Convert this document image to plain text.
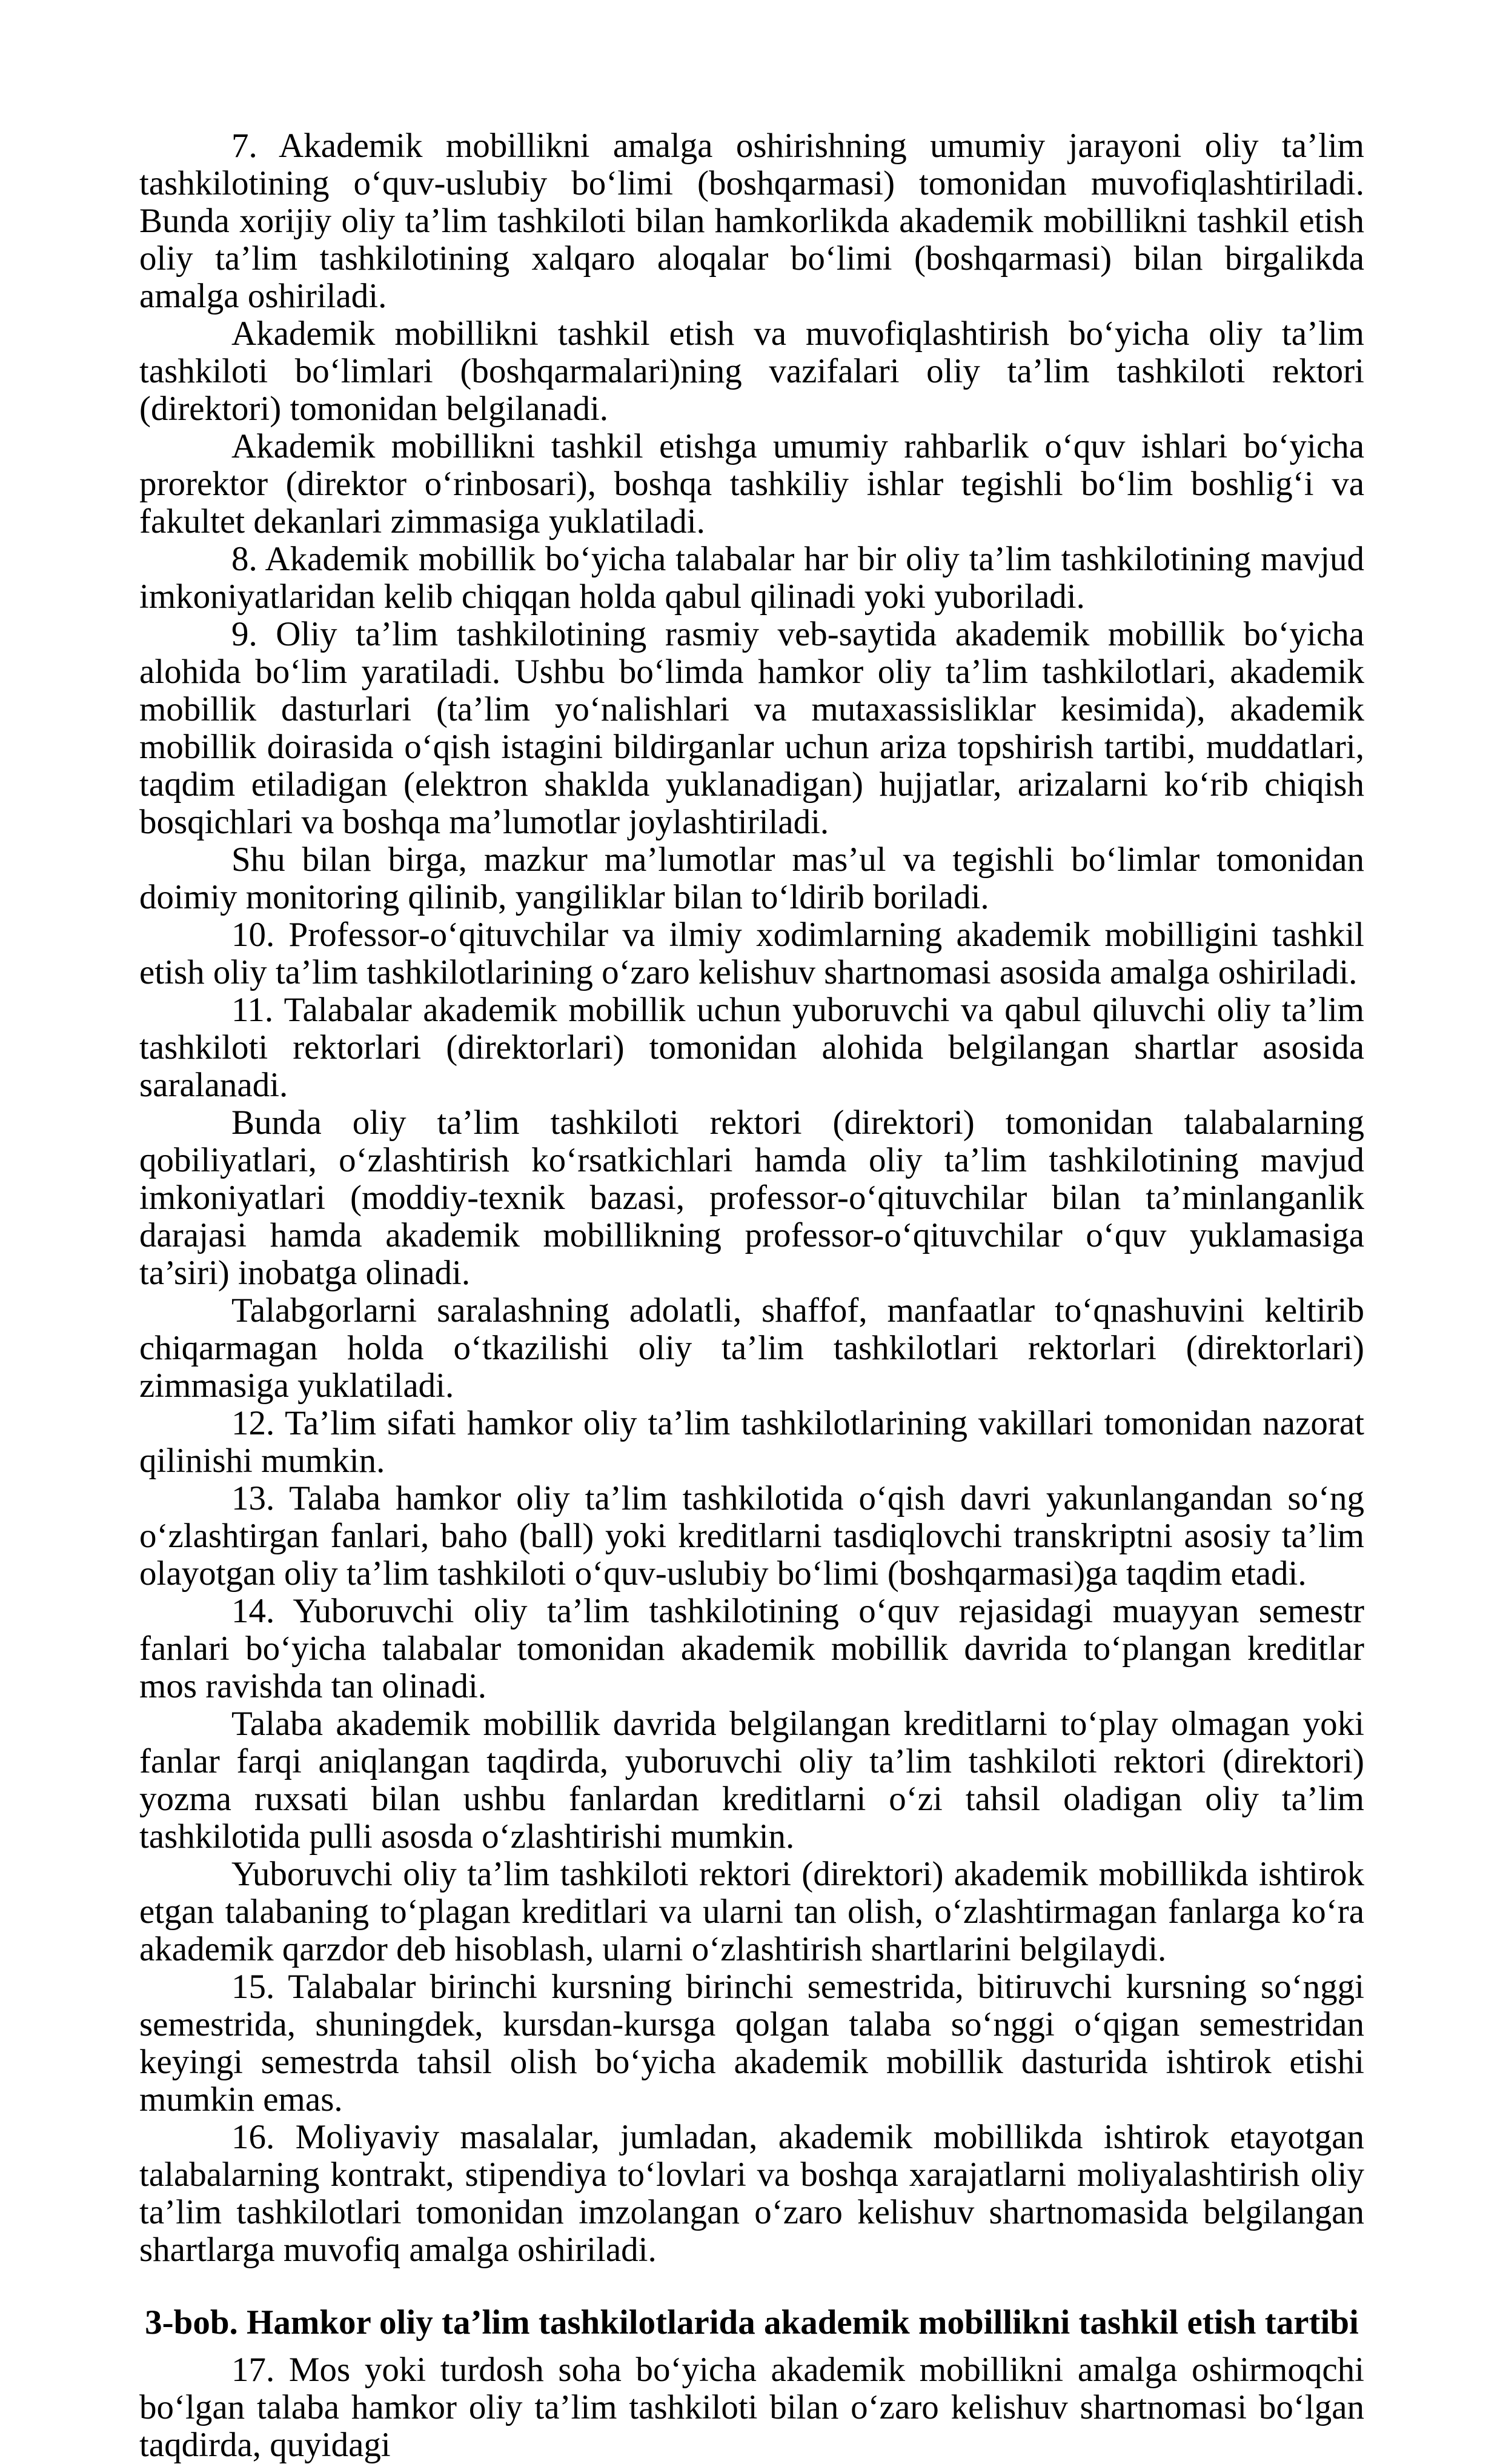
7. Akademik mobillikni amalga oshirishning umumiy jarayoni oliy ta’lim tashkilotining o‘quv-uslubiy bo‘limi (boshqarmasi) tomonidan muvofiqlashtiriladi. Bunda xorijiy oliy ta’lim tashkiloti bilan hamkorlikda akademik mobillikni tashkil etish oliy ta’lim tashkilotining xalqaro aloqalar bo‘limi (boshqarmasi) bilan birgalikda amalga oshiriladi.

Akademik mobillikni tashkil etish va muvofiqlashtirish bo‘yicha oliy ta’lim tashkiloti bo‘limlari (boshqarmalari)ning vazifalari oliy ta’lim tashkiloti rektori (direktori) tomonidan belgilanadi.

Akademik mobillikni tashkil etishga umumiy rahbarlik o‘quv ishlari bo‘yicha prorektor (direktor o‘rinbosari), boshqa tashkiliy ishlar tegishli bo‘lim boshlig‘i va fakultet dekanlari zimmasiga yuklatiladi.

8. Akademik mobillik bo‘yicha talabalar har bir oliy ta’lim tashkilotining mavjud imkoniyatlaridan kelib chiqqan holda qabul qilinadi yoki yuboriladi.

9. Oliy ta’lim tashkilotining rasmiy veb-saytida akademik mobillik bo‘yicha alohida bo‘lim yaratiladi. Ushbu bo‘limda hamkor oliy ta’lim tashkilotlari, akademik mobillik dasturlari (ta’lim yo‘nalishlari va mutaxassisliklar kesimida), akademik mobillik doirasida o‘qish istagini bildirganlar uchun ariza topshirish tartibi, muddatlari, taqdim etiladigan (elektron shaklda yuklanadigan) hujjatlar, arizalarni ko‘rib chiqish bosqichlari va boshqa ma’lumotlar joylashtiriladi.

Shu bilan birga, mazkur ma’lumotlar mas’ul va tegishli bo‘limlar tomonidan doimiy monitoring qilinib, yangiliklar bilan to‘ldirib boriladi.

10. Professor-o‘qituvchilar va ilmiy xodimlarning akademik mobilligini tashkil etish oliy ta’lim tashkilotlarining o‘zaro kelishuv shartnomasi asosida amalga oshiriladi.

11. Talabalar akademik mobillik uchun yuboruvchi va qabul qiluvchi oliy ta’lim tashkiloti rektorlari (direktorlari) tomonidan alohida belgilangan shartlar asosida saralanadi.

Bunda oliy ta’lim tashkiloti rektori (direktori) tomonidan talabalarning qobiliyatlari, o‘zlashtirish ko‘rsatkichlari hamda oliy ta’lim tashkilotining mavjud imkoniyatlari (moddiy-texnik bazasi, professor-o‘qituvchilar bilan ta’minlanganlik darajasi hamda akademik mobillikning professor-o‘qituvchilar o‘quv yuklamasiga ta’siri) inobatga olinadi.

Talabgorlarni saralashning adolatli, shaffof, manfaatlar to‘qnashuvini keltirib chiqarmagan holda o‘tkazilishi oliy ta’lim tashkilotlari rektorlari (direktorlari) zimmasiga yuklatiladi.

12. Ta’lim sifati hamkor oliy ta’lim tashkilotlarining vakillari tomonidan nazorat qilinishi mumkin.

13. Talaba hamkor oliy ta’lim tashkilotida o‘qish davri yakunlangandan so‘ng o‘zlashtirgan fanlari, baho (ball) yoki kreditlarni tasdiqlovchi transkriptni asosiy ta’lim olayotgan oliy ta’lim tashkiloti o‘quv-uslubiy bo‘limi (boshqarmasi)ga taqdim etadi.

14. Yuboruvchi oliy ta’lim tashkilotining o‘quv rejasidagi muayyan semestr fanlari bo‘yicha talabalar tomonidan akademik mobillik davrida to‘plangan kreditlar mos ravishda tan olinadi.

Talaba akademik mobillik davrida belgilangan kreditlarni to‘play olmagan yoki fanlar farqi aniqlangan taqdirda, yuboruvchi oliy ta’lim tashkiloti rektori (direktori) yozma ruxsati bilan ushbu fanlardan kreditlarni o‘zi tahsil oladigan oliy ta’lim tashkilotida pulli asosda o‘zlashtirishi mumkin.

Yuboruvchi oliy ta’lim tashkiloti rektori (direktori) akademik mobillikda ishtirok etgan talabaning to‘plagan kreditlari va ularni tan olish, o‘zlashtirmagan fanlarga ko‘ra akademik qarzdor deb hisoblash, ularni o‘zlashtirish shartlarini belgilaydi.

15. Talabalar birinchi kursning birinchi semestrida, bitiruvchi kursning so‘nggi semestrida, shuningdek, kursdan-kursga qolgan talaba so‘nggi o‘qigan semestridan keyingi semestrda tahsil olish bo‘yicha akademik mobillik dasturida ishtirok etishi mumkin emas.

16. Moliyaviy masalalar, jumladan, akademik mobillikda ishtirok etayotgan talabalarning kontrakt, stipendiya to‘lovlari va boshqa xarajatlarni moliyalashtirish oliy ta’lim tashkilotlari tomonidan imzolangan o‘zaro kelishuv shartnomasida belgilangan shartlarga muvofiq amalga oshiriladi.

3-bob. Hamkor oliy ta’lim tashkilotlarida akademik mobillikni tashkil etish tartibi

17. Mos yoki turdosh soha bo‘yicha akademik mobillikni amalga oshirmoqchi bo‘lgan talaba hamkor oliy ta’lim tashkiloti bilan o‘zaro kelishuv shartnomasi bo‘lgan taqdirda, quyidagi
